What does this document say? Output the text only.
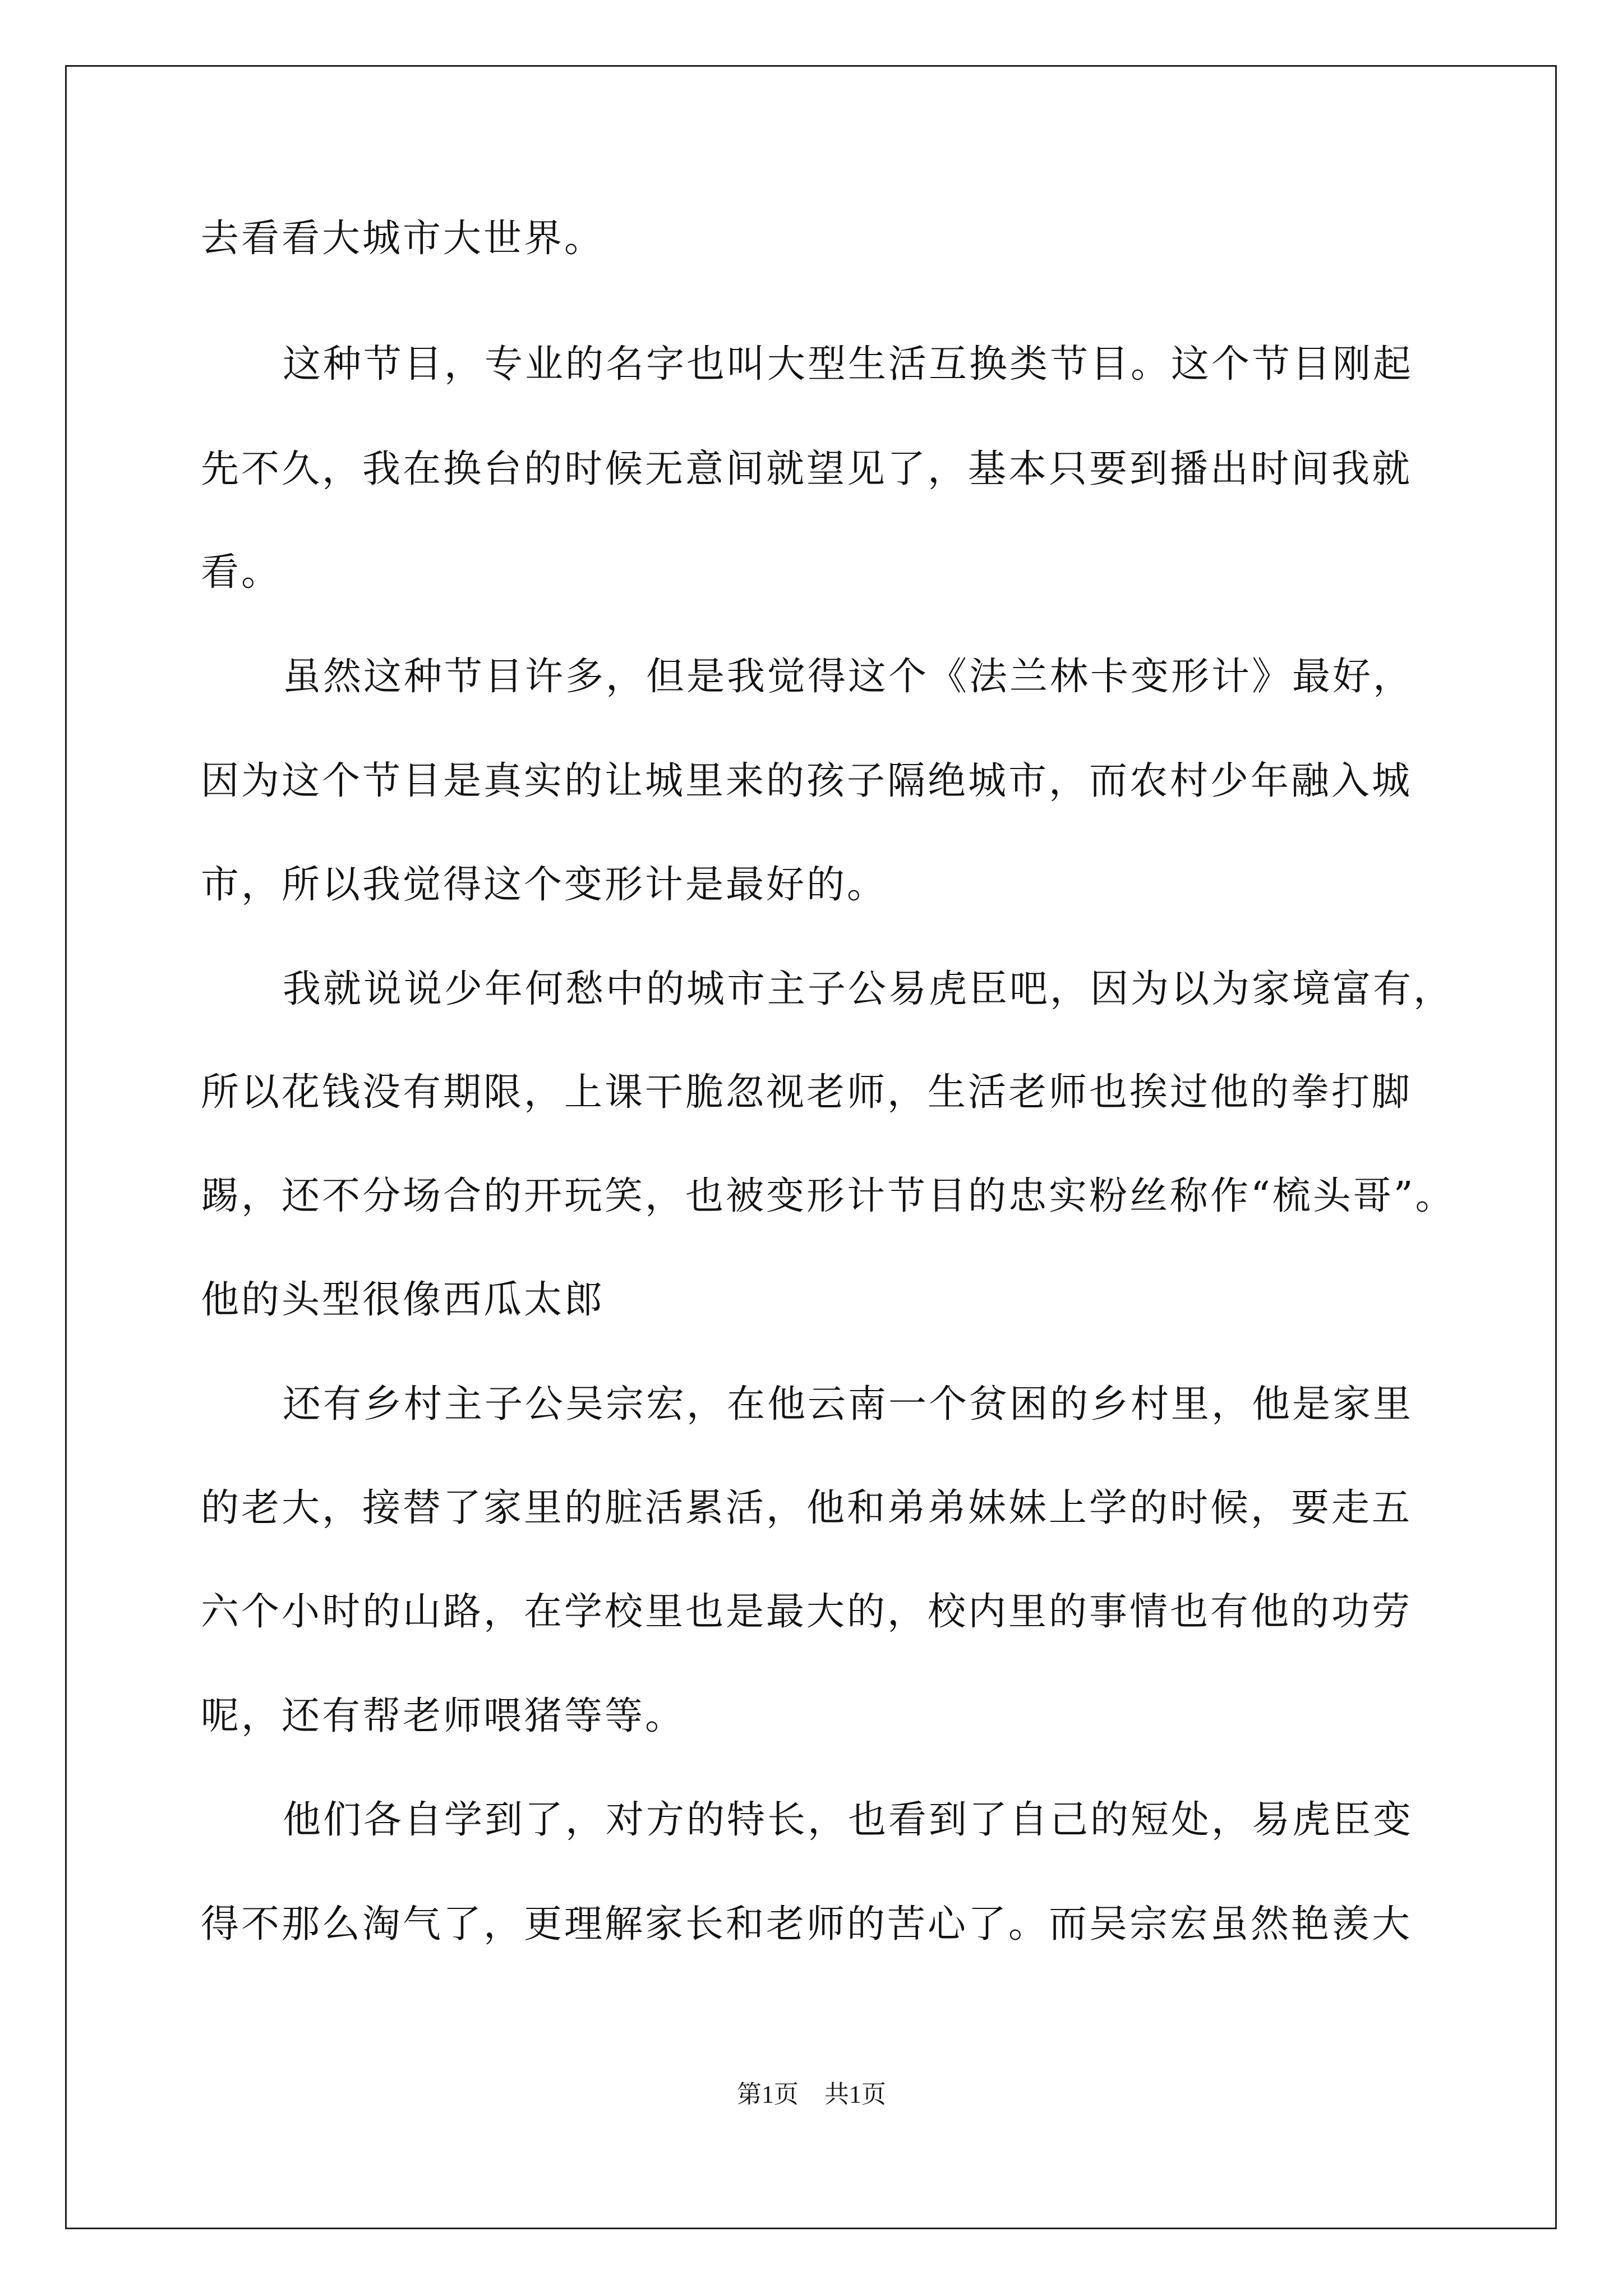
去看看大城市大世界。
这种节目，专业的名字也叫大型生活互换类节目。这个节目刚起
先不久，我在换台的时候无意间就望见了，基本只要到播出时间我就
看。
虽然这种节目许多，但是我觉得这个《法兰林卡变形计》最好，
因为这个节目是真实的让城里来的孩子隔绝城市，而农村少年融入城
市，所以我觉得这个变形计是最好的。
我就说说少年何愁中的城市主子公易虎臣吧，因为以为家境富有，
所以花钱没有期限，上课干脆忽视老师，生活老师也挨过他的拳打脚
踢，还不分场合的开玩笑，也被变形计节目的忠实粉丝称作“梳头哥”。
他的头型很像西瓜太郎
还有乡村主子公吴宗宏，在他云南一个贫困的乡村里，他是家里
的老大，接替了家里的脏活累活，他和弟弟妹妹上学的时候，要走五
六个小时的山路，在学校里也是最大的，校内里的事情也有他的功劳
呢，还有帮老师喂猪等等。
他们各自学到了，对方的特长，也看到了自己的短处，易虎臣变
得不那么淘气了，更理解家长和老师的苦心了。而吴宗宏虽然艳羡大
第1页 共1页
